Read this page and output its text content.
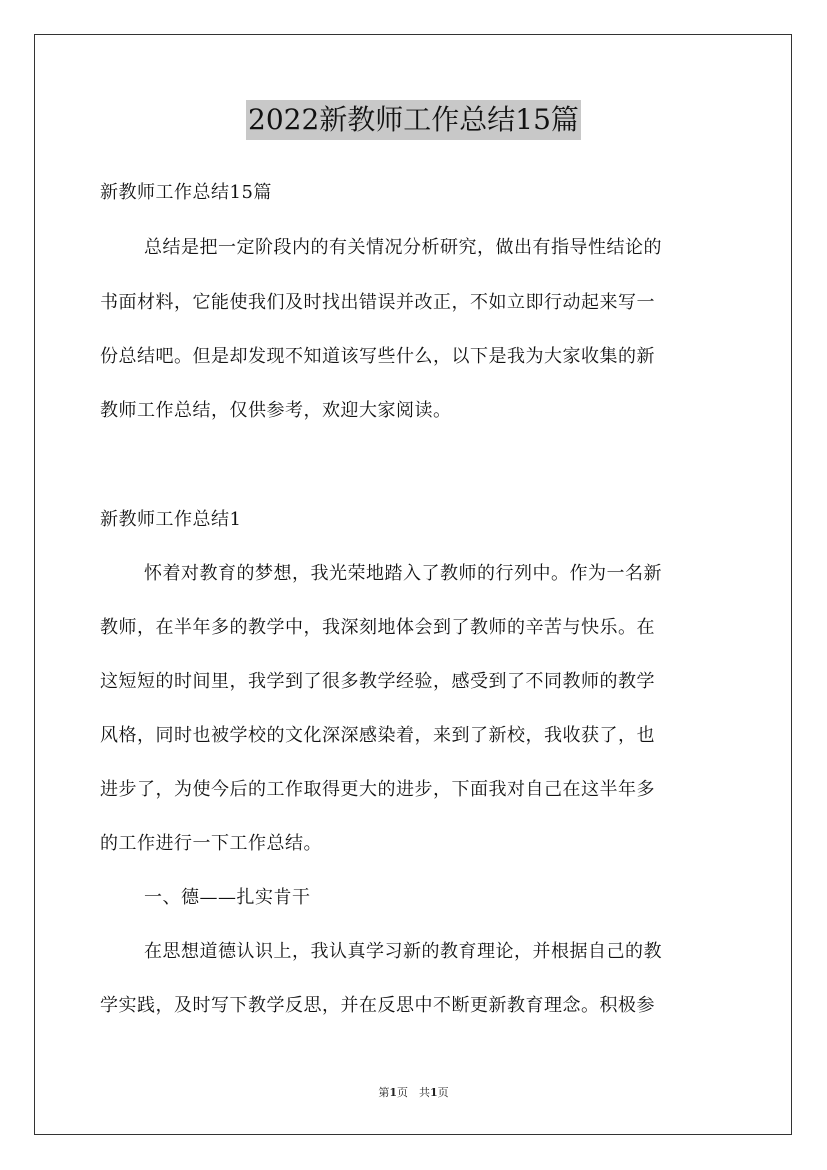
2022新教师工作总结15篇
新教师工作总结15篇
总结是把一定阶段内的有关情况分析研究，做出有指导性结论的
书面材料，它能使我们及时找出错误并改正，不如立即行动起来写一
份总结吧。但是却发现不知道该写些什么，以下是我为大家收集的新
教师工作总结，仅供参考，欢迎大家阅读。
新教师工作总结1
怀着对教育的梦想，我光荣地踏入了教师的行列中。作为一名新
教师，在半年多的教学中，我深刻地体会到了教师的辛苦与快乐。在
这短短的时间里，我学到了很多教学经验，感受到了不同教师的教学
风格，同时也被学校的文化深深感染着，来到了新校，我收获了，也
进步了，为使今后的工作取得更大的进步，下面我对自己在这半年多
的工作进行一下工作总结。
一、德——扎实肯干
在思想道德认识上，我认真学习新的教育理论，并根据自己的教
学实践，及时写下教学反思，并在反思中不断更新教育理念。积极参
第1页　共1页
